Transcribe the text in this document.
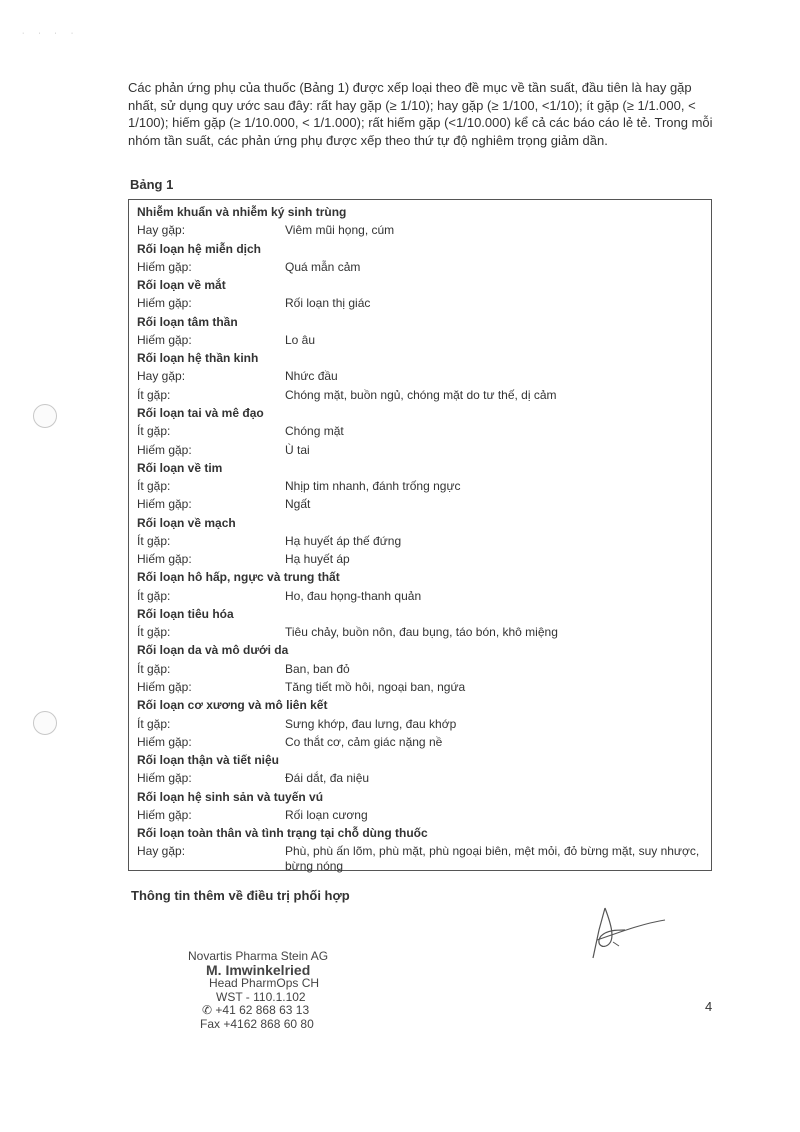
· · · ·
Các phản ứng phụ của thuốc (Bảng 1) được xếp loại theo đề mục về tần suất, đầu tiên là hay gặp nhất, sử dụng quy ước sau đây: rất hay gặp (≥ 1/10); hay gặp (≥ 1/100, <1/10); ít gặp (≥ 1/1.000, < 1/100); hiếm gặp (≥ 1/10.000, < 1/1.000); rất hiếm gặp (<1/10.000) kể cả các báo cáo lẻ tẻ. Trong mỗi nhóm tần suất, các phản ứng phụ được xếp theo thứ tự độ nghiêm trọng giảm dần.
Bảng 1
Nhiễm khuẩn và nhiễm ký sinh trùng
Hay gặp:	Viêm mũi họng, cúm
Rối loạn hệ miễn dịch
Hiếm gặp:	Quá mẫn cảm
Rối loạn về mắt
Hiếm gặp:	Rối loạn thị giác
Rối loạn tâm thần
Hiếm gặp:	Lo âu
Rối loạn hệ thần kinh
Hay gặp:	Nhức đầu
Ít gặp:	Chóng mặt, buồn ngủ, chóng mặt do tư thế, dị cảm
Rối loạn tai và mê đạo
Ít gặp:	Chóng mặt
Hiếm gặp:	Ù tai
Rối loạn về tim
Ít gặp:	Nhịp tim nhanh, đánh trống ngực
Hiếm gặp:	Ngất
Rối loạn về mạch
Ít gặp:	Hạ huyết áp thế đứng
Hiếm gặp:	Hạ huyết áp
Rối loạn hô hấp, ngực và trung thất
Ít gặp:	Ho, đau họng-thanh quản
Rối loạn tiêu hóa
Ít gặp:	Tiêu chảy, buồn nôn, đau bụng, táo bón, khô miệng
Rối loạn da và mô dưới da
Ít gặp:	Ban, ban đỏ
Hiếm gặp:	Tăng tiết mồ hôi, ngoại ban, ngứa
Rối loạn cơ xương và mô liên kết
Ít gặp:	Sưng khớp, đau lưng, đau khớp
Hiếm gặp:	Co thắt cơ, cảm giác nặng nề
Rối loạn thận và tiết niệu
Hiếm gặp:	Đái dắt, đa niệu
Rối loạn hệ sinh sản và tuyến vú
Hiếm gặp:	Rối loạn cương
Rối loạn toàn thân và tình trạng tại chỗ dùng thuốc
Hay gặp:	Phù, phù ấn lõm, phù mặt, phù ngoại biên, mệt mỏi, đỏ bừng mặt, suy nhược, bừng nóng
Thông tin thêm về điều trị phối hợp
Novartis Pharma Stein AG
M. Imwinkelried
Head PharmOps CH
WST - 110.1.102
✆ +41 62 868 63 13
Fax +4162 868 60 80
4
